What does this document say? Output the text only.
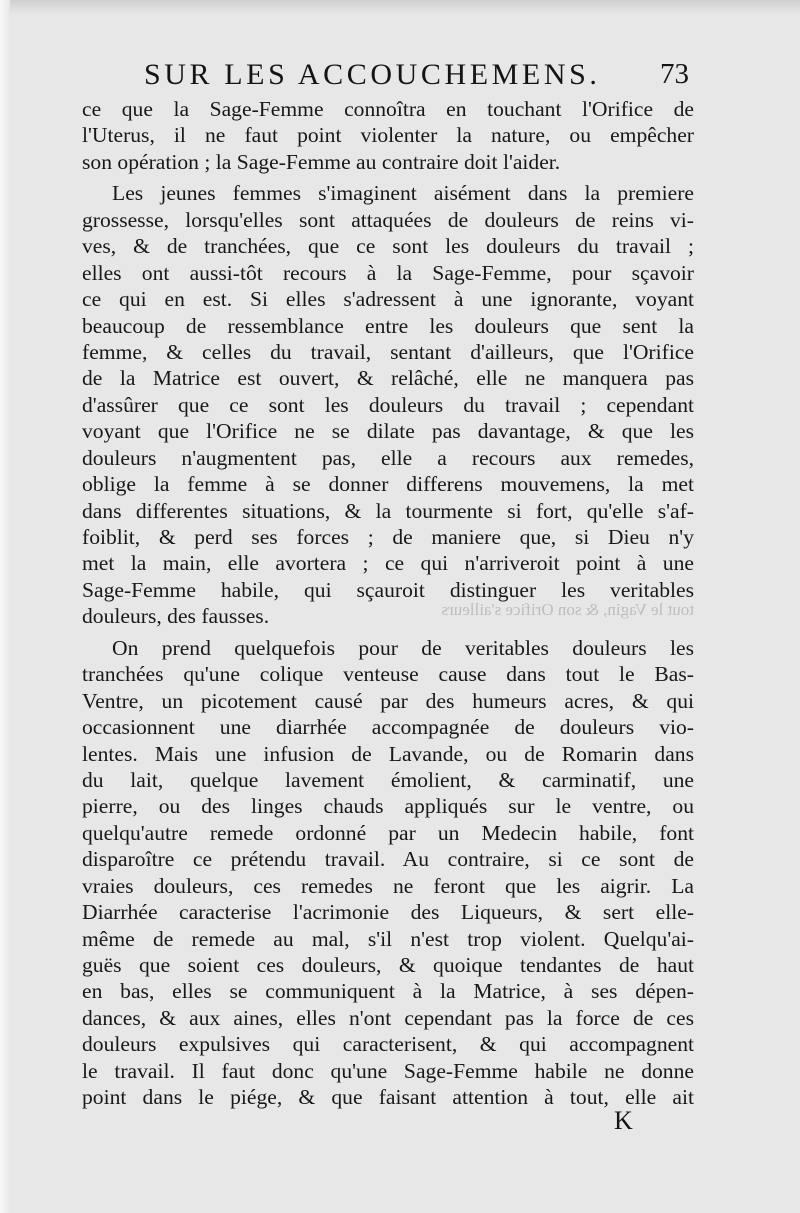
SUR LES ACCOUCHEMENS.	73
tout le Vagin, & son Orifice s'ailleurs
ce que la Sage-Femme connoîtra en touchant l'Orifice de
l'Uterus, il ne faut point violenter la nature, ou empêcher
son opération ; la Sage-Femme au contraire doit l'aider.
Les jeunes femmes s'imaginent aisément dans la premiere
grossesse, lorsqu'elles sont attaquées de douleurs de reins vi-
ves, & de tranchées, que ce sont les douleurs du travail ;
elles ont aussi-tôt recours à la Sage-Femme, pour sçavoir
ce qui en est. Si elles s'adressent à une ignorante, voyant
beaucoup de ressemblance entre les douleurs que sent la
femme, & celles du travail, sentant d'ailleurs, que l'Orifice
de la Matrice est ouvert, & relâché, elle ne manquera pas
d'assûrer que ce sont les douleurs du travail ; cependant
voyant que l'Orifice ne se dilate pas davantage, & que les
douleurs n'augmentent pas, elle a recours aux remedes,
oblige la femme à se donner differens mouvemens, la met
dans differentes situations, & la tourmente si fort, qu'elle s'af-
foiblit, & perd ses forces ; de maniere que, si Dieu n'y
met la main, elle avortera ; ce qui n'arriveroit point à une
Sage-Femme habile, qui sçauroit distinguer les veritables
douleurs, des fausses.
On prend quelquefois pour de veritables douleurs les
tranchées qu'une colique venteuse cause dans tout le Bas-
Ventre, un picotement causé par des humeurs acres, & qui
occasionnent une diarrhée accompagnée de douleurs vio-
lentes. Mais une infusion de Lavande, ou de Romarin dans
du lait, quelque lavement émolient, & carminatif, une
pierre, ou des linges chauds appliqués sur le ventre, ou
quelqu'autre remede ordonné par un Medecin habile, font
disparoître ce prétendu travail. Au contraire, si ce sont de
vraies douleurs, ces remedes ne feront que les aigrir. La
Diarrhée caracterise l'acrimonie des Liqueurs, & sert elle-
même de remede au mal, s'il n'est trop violent. Quelqu'ai-
guës que soient ces douleurs, & quoique tendantes de haut
en bas, elles se communiquent à la Matrice, à ses dépen-
dances, & aux aines, elles n'ont cependant pas la force de ces
douleurs expulsives qui caracterisent, & qui accompagnent
le travail. Il faut donc qu'une Sage-Femme habile ne donne
point dans le piége, & que faisant attention à tout, elle ait
K
